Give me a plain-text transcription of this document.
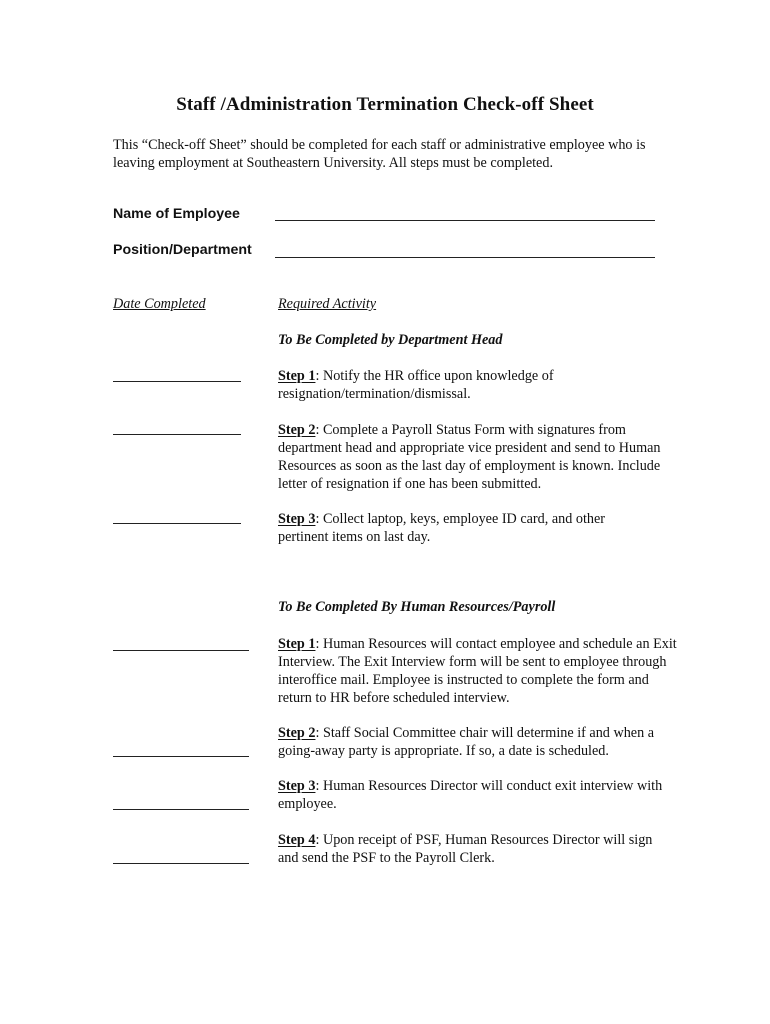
Staff /Administration Termination Check-off Sheet
This “Check-off Sheet” should be completed for each staff or administrative employee who is leaving employment at Southeastern University. All steps must be completed.
Name of Employee
Position/Department
Date Completed	Required Activity
To Be Completed by Department Head
Step 1: Notify the HR office upon knowledge of resignation/termination/dismissal.
Step 2: Complete a Payroll Status Form with signatures from department head and appropriate vice president and send to Human Resources as soon as the last day of employment is known. Include letter of resignation if one has been submitted.
Step 3: Collect laptop, keys, employee ID card, and other pertinent items on last day.
To Be Completed By Human Resources/Payroll
Step 1: Human Resources will contact employee and schedule an Exit Interview. The Exit Interview form will be sent to employee through interoffice mail. Employee is instructed to complete the form and return to HR before scheduled interview.
Step 2: Staff Social Committee chair will determine if and when a going-away party is appropriate. If so, a date is scheduled.
Step 3: Human Resources Director will conduct exit interview with employee.
Step 4: Upon receipt of PSF, Human Resources Director will sign and send the PSF to the Payroll Clerk.
